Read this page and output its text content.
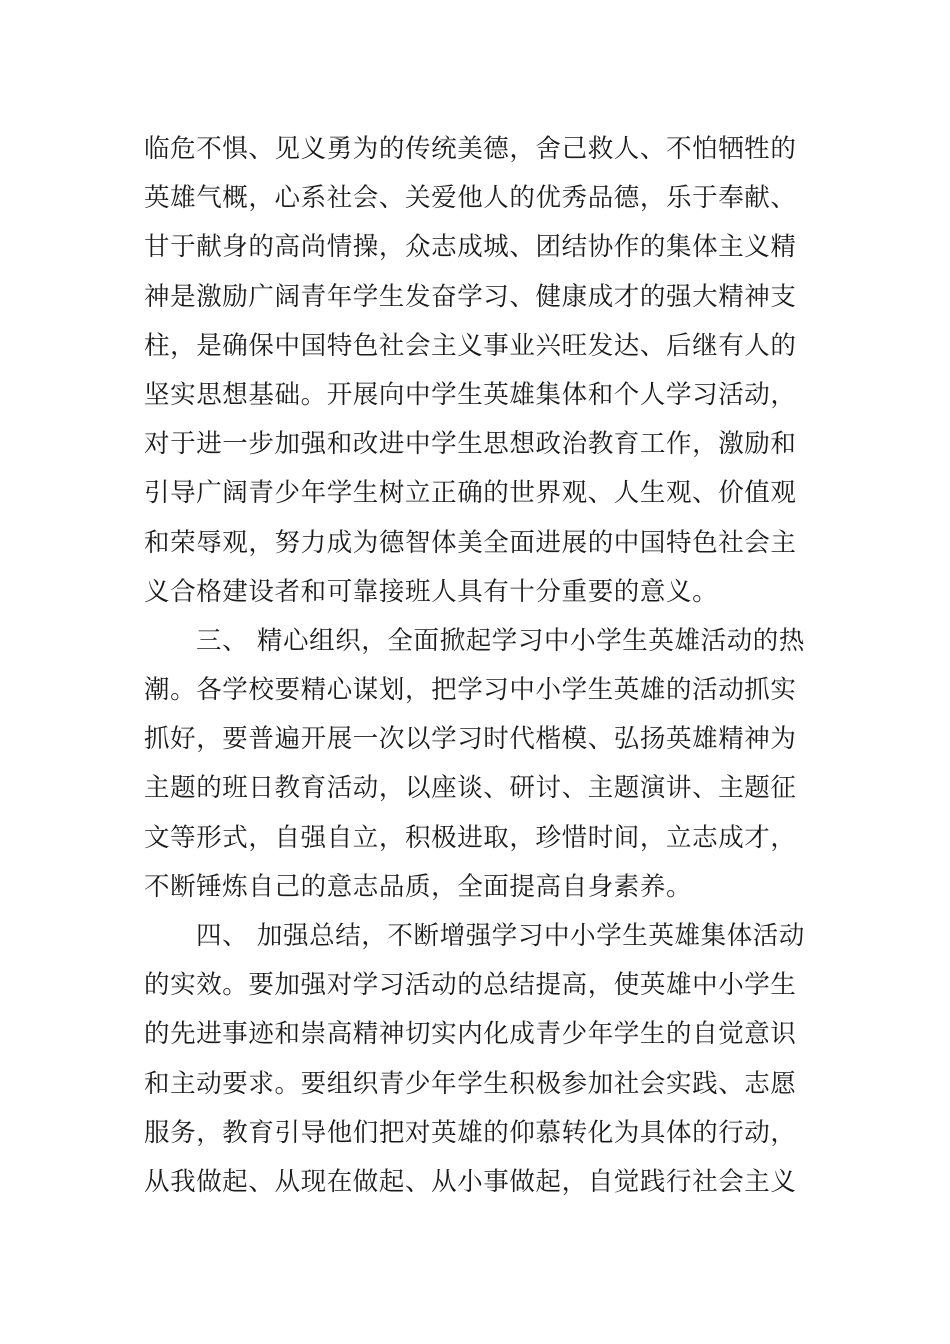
临危不惧、见义勇为的传统美德，舍己救人、不怕牺牲的
英雄气概，心系社会、关爱他人的优秀品德，乐于奉献、
甘于献身的高尚情操，众志成城、团结协作的集体主义精
神是激励广阔青年学生发奋学习、健康成才的强大精神支
柱，是确保中国特色社会主义事业兴旺发达、后继有人的
坚实思想基础。开展向中学生英雄集体和个人学习活动，
对于进一步加强和改进中学生思想政治教育工作，激励和
引导广阔青少年学生树立正确的世界观、人生观、价值观
和荣辱观，努力成为德智体美全面进展的中国特色社会主
义合格建设者和可靠接班人具有十分重要的意义。
三、 精心组织，全面掀起学习中小学生英雄活动的热
潮。各学校要精心谋划，把学习中小学生英雄的活动抓实
抓好，要普遍开展一次以学习时代楷模、弘扬英雄精神为
主题的班日教育活动，以座谈、研讨、主题演讲、主题征
文等形式，自强自立，积极进取，珍惜时间，立志成才，
不断锤炼自己的意志品质，全面提高自身素养。
四、 加强总结，不断增强学习中小学生英雄集体活动
的实效。要加强对学习活动的总结提高，使英雄中小学生
的先进事迹和崇高精神切实内化成青少年学生的自觉意识
和主动要求。要组织青少年学生积极参加社会实践、志愿
服务，教育引导他们把对英雄的仰慕转化为具体的行动，
从我做起、从现在做起、从小事做起，自觉践行社会主义
